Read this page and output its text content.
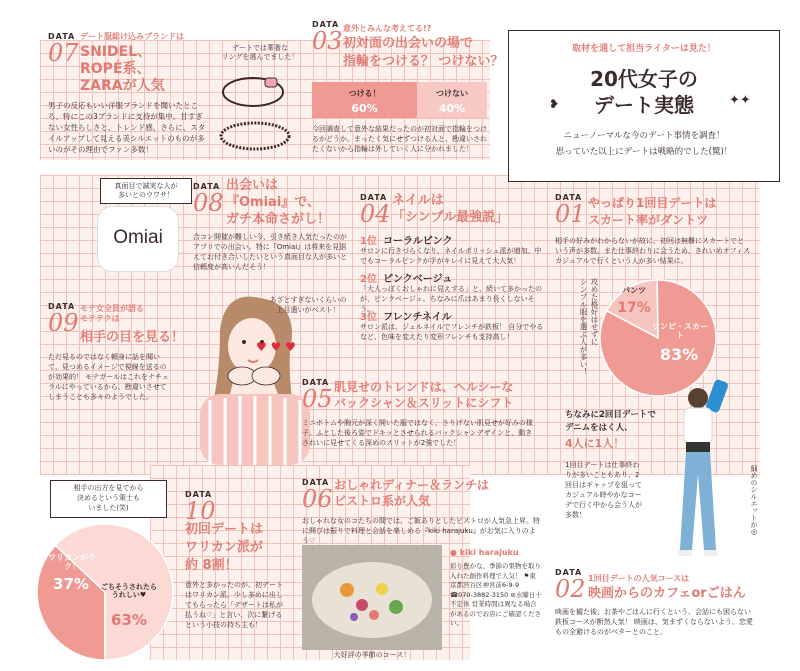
取材を通して担当ライターは見た！
20代女子の
デート実態
❥	✦✦
ニューノーマルな今のデート事情を調査！
思っていた以上にデートは戦略的でした(驚)！
DATA
07
デート服総け込みブランドは
SNIDEL、
ROPÉ系、
ZARAが人気
男子の反応もいい洋服ブランドを聞いたところ、特にこの3ブランドに支持が集中。甘すぎない女性らしさと、トレンド感、さらに、スタイルアップして見える美シルエットのものが多いのがその理由でファン多数！
デートでは華奢な
リングを選んでました！
DATA
03 意外とみんな考えてる!?
初対面の出会いの場で
指輪をつける？ つけない？
つける！
60%
つけない
40%
今回調査して意外な結果だったのが初対面で指輪をつけるかどうか。まったく気にせずつける人と、勘違いされたくないから指輪は外していく人に分かれました！
真面目で誠実な人が
多いとのウワサ！
Omiai
DATA
08
出会いは
『Omiai』で、
ガチ本命さがし！
合コン開催が難しい今、引き続き人気だったのがアプリでの出会い。特に『Omiai』は将来を見据えてお付き合いしたいという真面目な人が多いと信頼度が高いんだそう！
DATA
04 ネイルは
「シンプル最強説」
1位 コーラルピンク
サロンに行きづらくなり、ネイルポリッシュ派が増加。中でもコーラルピンクが手がキレイに見えて大人気！
2位 ピンクベージュ
「大人っぽくおしゃれに見えする」と、続いて多かったのが、ピンクベージュ。ちなみに爪はあまり長くしないそう。
3位 フレンチネイル
サロン派は、ジェルネイルでフレンチが鉄板！ 自分でやるなど、色味を変えたり変形フレンチも支持高し！
DATA
01 やっぱり1回目デートは
スカート率がダントツ
相手の好みがわからないが故に、初回は無難にスカートでという声が多数。また仕事終わりに会うため、きれいめオフィスカジュアルで行くという人が多い結果に。
攻めた格好はせずに
シンプル服を選ぶ人が多い！	パンツ
17%
ワンピ・スカート
83%
ちなみに2回目デートで
デニムをはく人、
4人に1人！
1回目デートは仕事終わりが多いこともあり、2回目はギャップを狙ってカジュアル時やかなコーデで行く中から会う人が多数！	細めのシルエットが◎
DATA
09
モテ女全員が語る
モテテクは
相手の目を見る！
ただ見るのではなく頼身に話を聞いて、見つめるイメージで視線を送るのが効果的！ モテガールはこれをナチュラルにやっているから、勘違いさせてしまうことも多々のようでした。
あざとすぎないくらいの
上目遣いがベスト！
♥ ♥ ♥
DATA
05 肌見せのトレンドは、ヘルシーな
バックシャン＆スリットにシフト
ミニボトムや胸元が深く開いた服ではなく、さりげない肌見せが好みの様子。ふとした後ろ姿でドキッとさせられるバックシャンデザインと、動きされいに見せてくる深めのスリットが2強でした！
相手の出方を見てから
決めるという策士も
いました(笑)
ワリカンがラク！
37%	ごちそうされたらうれしい♥
63%
DATA
10
初回デートは
ワリカン派が
約 8割！
意外と多かったのが、初デートはワリカン派。少し多めに出してもらったら「デザートは私が払うね♡」と言い、次に繋げるという小技の持ち主も！
DATA
06 おしゃれディナー＆ランチは
ビストロ系が人気
おしゃれな女のコたちの間では、ご飯ありとしたビストロが人気急上昇。特に開ぴは振りで料理と会話を楽しめる『kiki harajuku』がお気に入りのよう♡
大好評の季節のコース！
● kiki harajuku
彩り豊かな、季節の果物を取り入れた創作料理で人気！ ⚑東京都渋谷区神宮前6-9-9 ☎070-3882-3150 ⊘水曜日十不定休 営業時間は異なる場合があるのでお店にご確認ください。
DATA
02 1回目デートの人気コースは
映画からのカフェorごはん
映画を観た後、お茶やごはんに行くという、会話にも困らない鉄板コースが断然人気！ 映画は、気まずくならないよう、恋愛もの全避けるのがベターとのこと。
